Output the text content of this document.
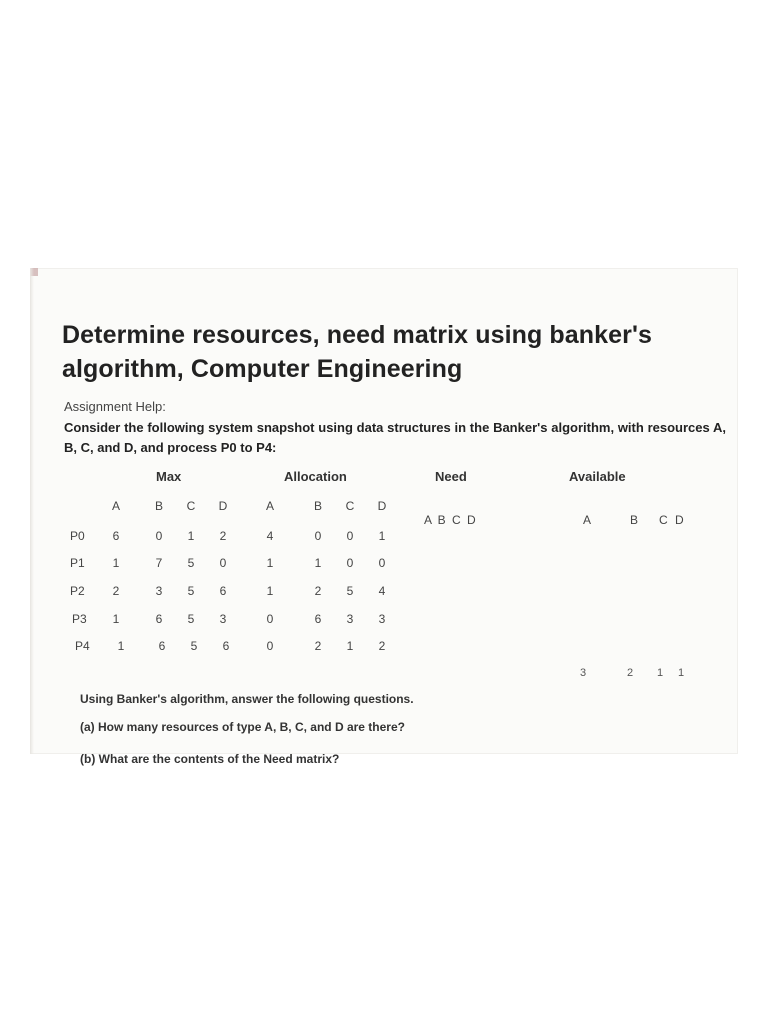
Determine resources, need matrix using banker's algorithm, Computer Engineering
Assignment Help:
Consider the following system snapshot using data structures in the Banker's algorithm, with resources A, B, C, and D, and process P0 to P4:
Max	Allocation	Need	Available
A	B	C	D	A	B	C	D
A B C D	A	B	C D
P0	6	0	1	2	4	0	0	1
P1	1	7	5	0	1	1	0	0
P2	2	3	5	6	1	2	5	4
P3	1	6	5	3	0	6	3	3
P4	1	6	5	6	0	2	1	2
3	2	1	1
Using Banker's algorithm, answer the following questions.
(a) How many resources of type A, B, C, and D are there?
(b) What are the contents of the Need matrix?
